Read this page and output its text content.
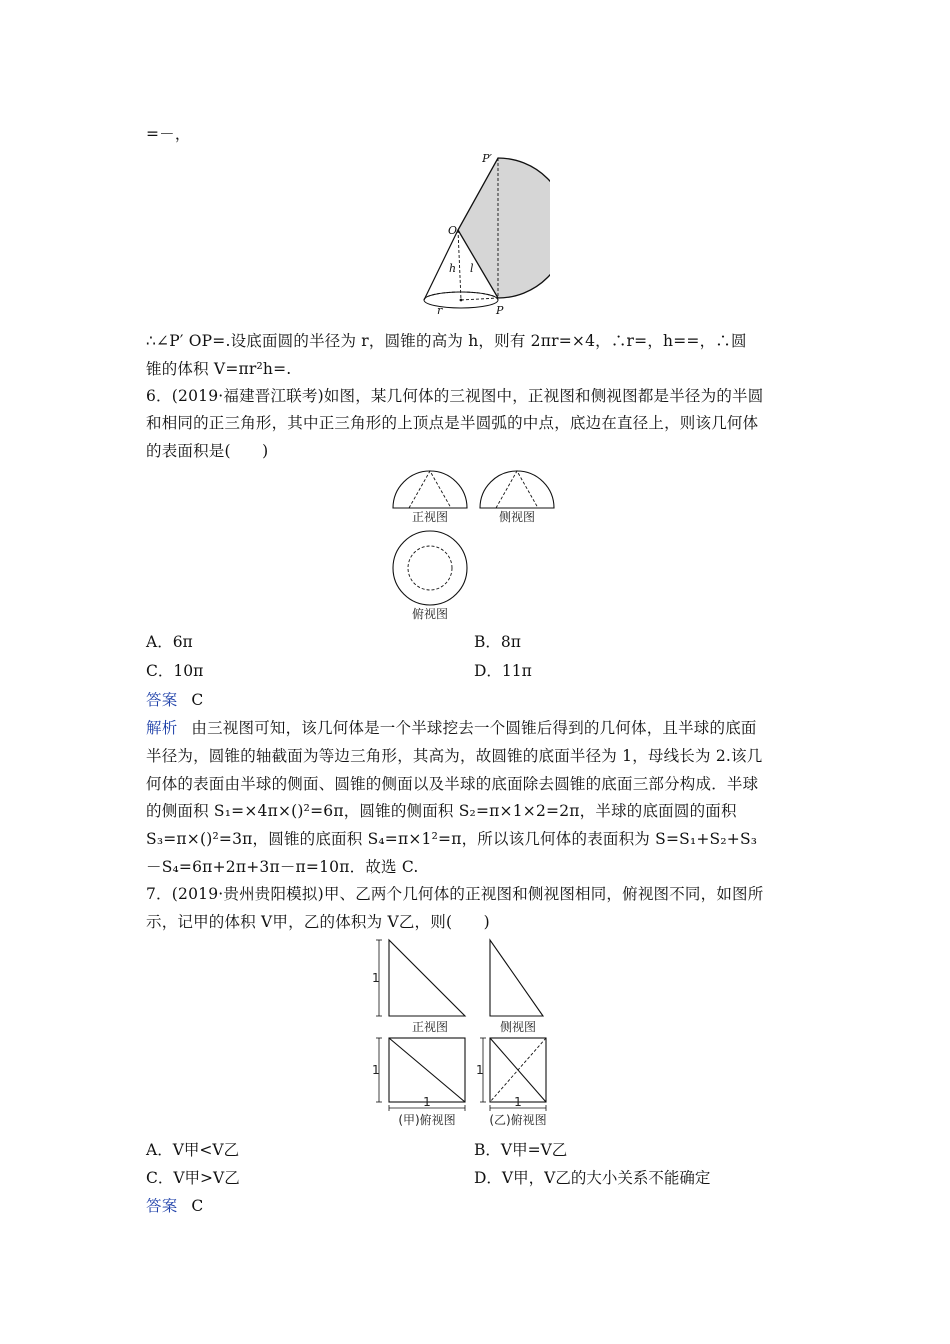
=－，
P′
O
h l
r	P
∴∠P′ OP=.设底面圆的半径为 r，圆锥的高为 h，则有 2πr=×4，∴r=，h==，∴圆
锥的体积 V=πr²h=.
6．(2019·福建晋江联考)如图，某几何体的三视图中，正视图和侧视图都是半径为的半圆
和相同的正三角形，其中正三角形的上顶点是半圆弧的中点，底边在直径上，则该几何体
的表面积是(　　)
正视图	侧视图
俯视图
A．6π	B．8π
C．10π	D．11π
答案 C
解析 由三视图可知，该几何体是一个半球挖去一个圆锥后得到的几何体，且半球的底面
半径为，圆锥的轴截面为等边三角形，其高为，故圆锥的底面半径为 1，母线长为 2.该几
何体的表面由半球的侧面、圆锥的侧面以及半球的底面除去圆锥的底面三部分构成．半球
的侧面积 S₁=×4π×()²=6π，圆锥的侧面积 S₂=π×1×2=2π，半球的底面圆的面积
S₃=π×()²=3π，圆锥的底面积 S₄=π×1²=π，所以该几何体的表面积为 S=S₁+S₂+S₃
－S₄=6π+2π+3π－π=10π．故选 C.
7．(2019·贵州贵阳模拟)甲、乙两个几何体的正视图和侧视图相同，俯视图不同，如图所
示，记甲的体积 V甲，乙的体积为 V乙，则(　　)
1
正视图	侧视图
1
1
(甲)俯视图
1
1
(乙)俯视图
A．V甲<V乙	B．V甲=V乙
C．V甲>V乙	D．V甲，V乙的大小关系不能确定
答案 C
